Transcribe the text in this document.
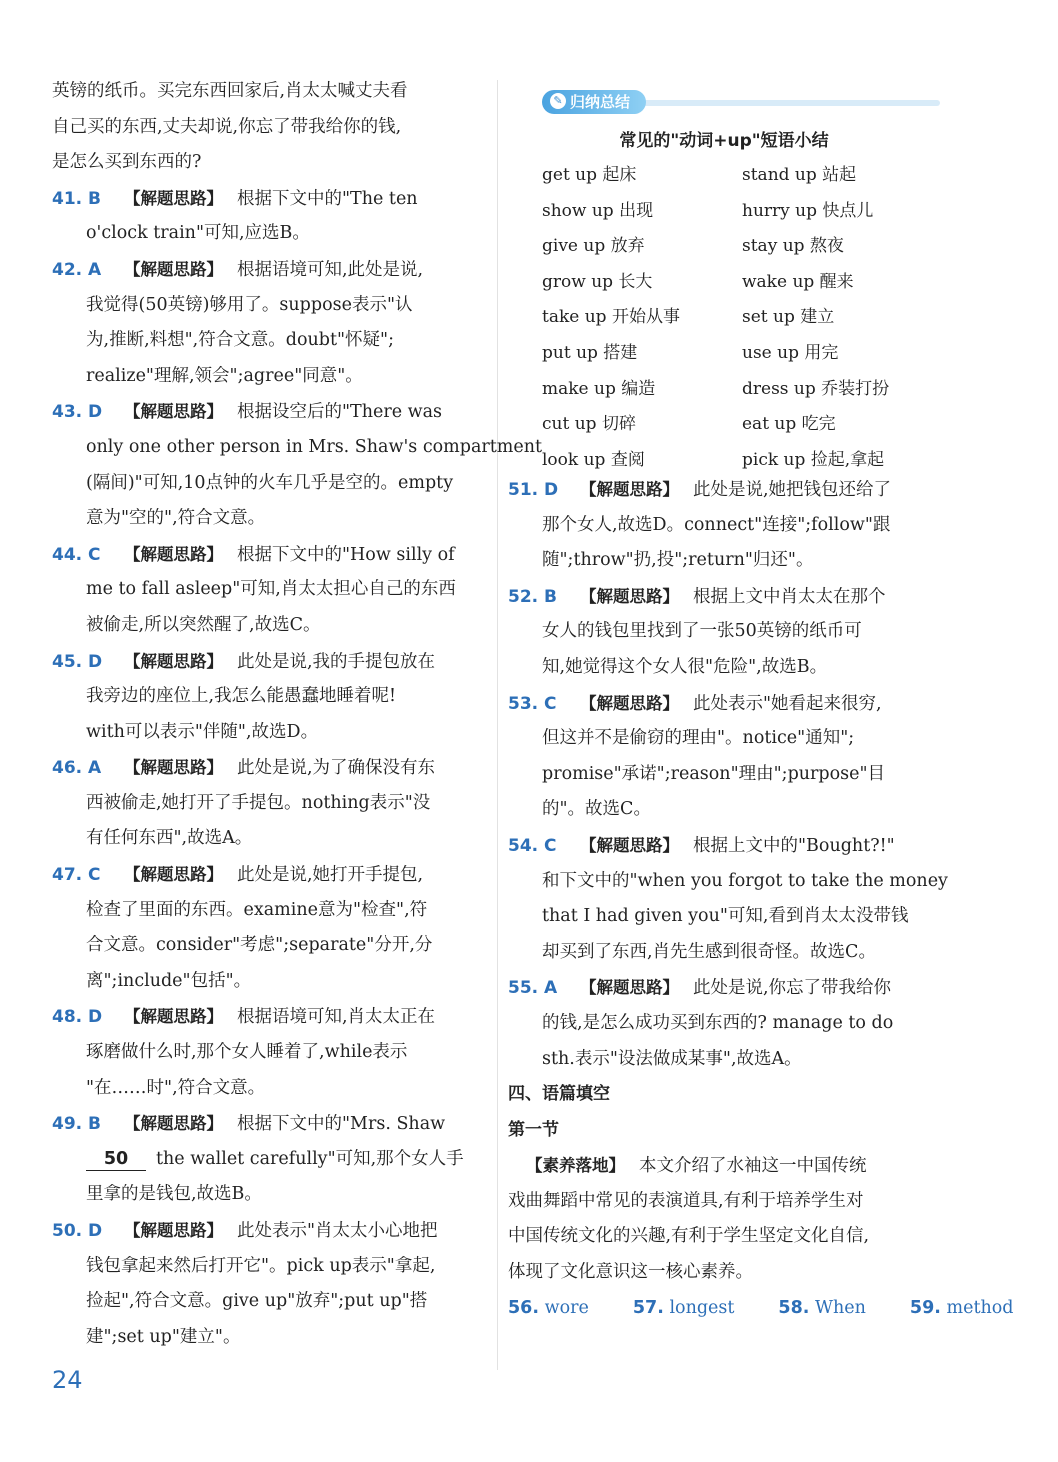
英镑的纸币。买完东西回家后,肖太太喊丈夫看
自己买的东西,丈夫却说,你忘了带我给你的钱,
是怎么买到东西的?
41. B 【解题思路】 根据下文中的"The ten
o'clock train"可知,应选B。
42. A 【解题思路】 根据语境可知,此处是说,
我觉得(50英镑)够用了。suppose表示"认
为,推断,料想",符合文意。doubt"怀疑";
realize"理解,领会";agree"同意"。
43. D 【解题思路】 根据设空后的"There was
only one other person in Mrs. Shaw's compartment
(隔间)"可知,10点钟的火车几乎是空的。empty
意为"空的",符合文意。
44. C 【解题思路】 根据下文中的"How silly of
me to fall asleep"可知,肖太太担心自己的东西
被偷走,所以突然醒了,故选C。
45. D 【解题思路】 此处是说,我的手提包放在
我旁边的座位上,我怎么能愚蠢地睡着呢!
with可以表示"伴随",故选D。
46. A 【解题思路】 此处是说,为了确保没有东
西被偷走,她打开了手提包。nothing表示"没
有任何东西",故选A。
47. C 【解题思路】 此处是说,她打开手提包,
检查了里面的东西。examine意为"检查",符
合文意。consider"考虑";separate"分开,分
离";include"包括"。
48. D 【解题思路】 根据语境可知,肖太太正在
琢磨做什么时,那个女人睡着了,while表示
"在……时",符合文意。
49. B 【解题思路】 根据下文中的"Mrs. Shaw
50 the wallet carefully"可知,那个女人手
里拿的是钱包,故选B。
50. D 【解题思路】 此处表示"肖太太小心地把
钱包拿起来然后打开它"。pick up表示"拿起,
捡起",符合文意。give up"放弃";put up"搭
建";set up"建立"。
✎ 归纳总结
常见的"动词+up"短语小结
get up 起床	stand up 站起
show up 出现	hurry up 快点儿
give up 放弃	stay up 熬夜
grow up 长大	wake up 醒来
take up 开始从事	set up 建立
put up 搭建	use up 用完
make up 编造	dress up 乔装打扮
cut up 切碎	eat up 吃完
look up 查阅	pick up 捡起,拿起
51. D 【解题思路】 此处是说,她把钱包还给了
那个女人,故选D。connect"连接";follow"跟
随";throw"扔,投";return"归还"。
52. B 【解题思路】 根据上文中肖太太在那个
女人的钱包里找到了一张50英镑的纸币可
知,她觉得这个女人很"危险",故选B。
53. C 【解题思路】 此处表示"她看起来很穷,
但这并不是偷窃的理由"。notice"通知";
promise"承诺";reason"理由";purpose"目
的"。故选C。
54. C 【解题思路】 根据上文中的"Bought?!"
和下文中的"when you forgot to take the money
that I had given you"可知,看到肖太太没带钱
却买到了东西,肖先生感到很奇怪。故选C。
55. A 【解题思路】 此处是说,你忘了带我给你
的钱,是怎么成功买到东西的? manage to do
sth.表示"设法做成某事",故选A。
四、语篇填空
第一节
【素养落地】 本文介绍了水袖这一中国传统
戏曲舞蹈中常见的表演道具,有利于培养学生对
中国传统文化的兴趣,有利于学生坚定文化自信,
体现了文化意识这一核心素养。
56. wore	57. longest	58. When	59. method
24
